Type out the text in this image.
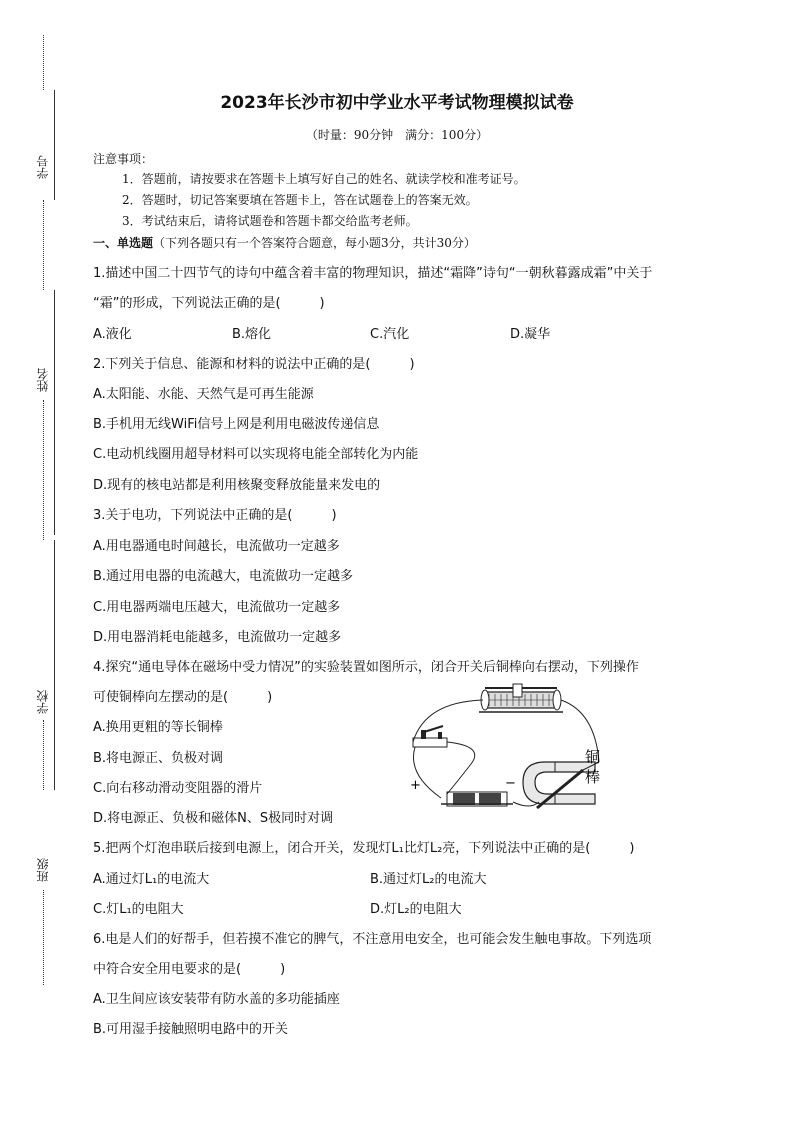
学号
姓名
学校
班级
2023年长沙市初中学业水平考试物理模拟试卷
（时量：90分钟　满分：100分）
注意事项：
1．答题前，请按要求在答题卡上填写好自己的姓名、就读学校和准考证号。
2．答题时，切记答案要填在答题卡上，答在试题卷上的答案无效。
3．考试结束后，请将试题卷和答题卡都交给监考老师。
一、单选题（下列各题只有一个答案符合题意，每小题3分，共计30分）
1.描述中国二十四节气的诗句中蕴含着丰富的物理知识，描述“霜降”诗句“一朝秋暮露成霜”中关于
“霜”的形成，下列说法正确的是(　　　)
A.液化	B.熔化	C.汽化	D.凝华
2.下列关于信息、能源和材料的说法中正确的是(　　　)
A.太阳能、水能、天然气是可再生能源
B.手机用无线WiFi信号上网是利用电磁波传递信息
C.电动机线圈用超导材料可以实现将电能全部转化为内能
D.现有的核电站都是利用核聚变释放能量来发电的
3.关于电功，下列说法中正确的是(　　　)
A.用电器通电时间越长，电流做功一定越多
B.通过用电器的电流越大，电流做功一定越多
C.用电器两端电压越大，电流做功一定越多
D.用电器消耗电能越多，电流做功一定越多
4.探究“通电导体在磁场中受力情况”的实验装置如图所示，闭合开关后铜棒向右摆动，下列操作
可使铜棒向左摆动的是(　　　)
A.换用更粗的等长铜棒
B.将电源正、负极对调
C.向右移动滑动变阻器的滑片
D.将电源正、负极和磁体N、S极同时对调
+	−
铜 棒
5.把两个灯泡串联后接到电源上，闭合开关，发现灯L₁比灯L₂亮，下列说法中正确的是(　　　)
A.通过灯L₁的电流大	B.通过灯L₂的电流大
C.灯L₁的电阻大	D.灯L₂的电阻大
6.电是人们的好帮手，但若摸不准它的脾气，不注意用电安全，也可能会发生触电事故。下列选项
中符合安全用电要求的是(　　　)
A.卫生间应该安装带有防水盖的多功能插座
B.可用湿手接触照明电路中的开关
